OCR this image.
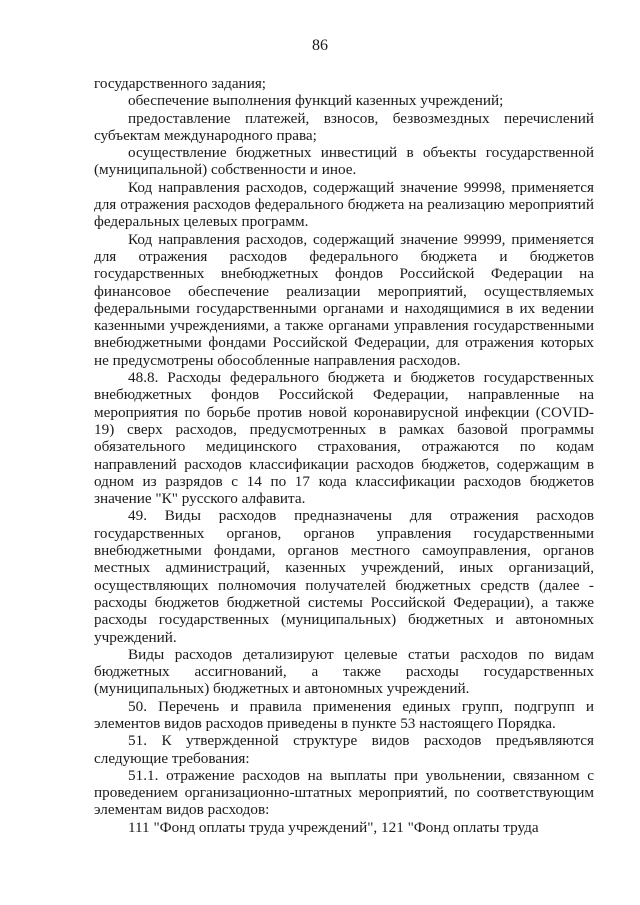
86

государственного задания;

обеспечение выполнения функций казенных учреждений;

предоставление платежей, взносов, безвозмездных перечислений субъектам международного права;

осуществление бюджетных инвестиций в объекты государственной (муниципальной) собственности и иное.

Код направления расходов, содержащий значение 99998, применяется для отражения расходов федерального бюджета на реализацию мероприятий федеральных целевых программ.

Код направления расходов, содержащий значение 99999, применяется для отражения расходов федерального бюджета и бюджетов государственных внебюджетных фондов Российской Федерации на финансовое обеспечение реализации мероприятий, осуществляемых федеральными государственными органами и находящимися в их ведении казенными учреждениями, а также органами управления государственными внебюджетными фондами Российской Федерации, для отражения которых не предусмотрены обособленные направления расходов.

48.8. Расходы федерального бюджета и бюджетов государственных внебюджетных фондов Российской Федерации, направленные на мероприятия по борьбе против новой коронавирусной инфекции (COVID-19) сверх расходов, предусмотренных в рамках базовой программы обязательного медицинского страхования, отражаются по кодам направлений расходов классификации расходов бюджетов, содержащим в одном из разрядов с 14 по 17 кода классификации расходов бюджетов значение "К" русского алфавита.

49. Виды расходов предназначены для отражения расходов государственных органов, органов управления государственными внебюджетными фондами, органов местного самоуправления, органов местных администраций, казенных учреждений, иных организаций, осуществляющих полномочия получателей бюджетных средств (далее - расходы бюджетов бюджетной системы Российской Федерации), а также расходы государственных (муниципальных) бюджетных и автономных учреждений.

Виды расходов детализируют целевые статьи расходов по видам бюджетных ассигнований, а также расходы государственных (муниципальных) бюджетных и автономных учреждений.

50. Перечень и правила применения единых групп, подгрупп и элементов видов расходов приведены в пункте 53 настоящего Порядка.

51. К утвержденной структуре видов расходов предъявляются следующие требования:

51.1. отражение расходов на выплаты при увольнении, связанном с проведением организационно-штатных мероприятий, по соответствующим элементам видов расходов:

111 "Фонд оплаты труда учреждений", 121 "Фонд оплаты труда
